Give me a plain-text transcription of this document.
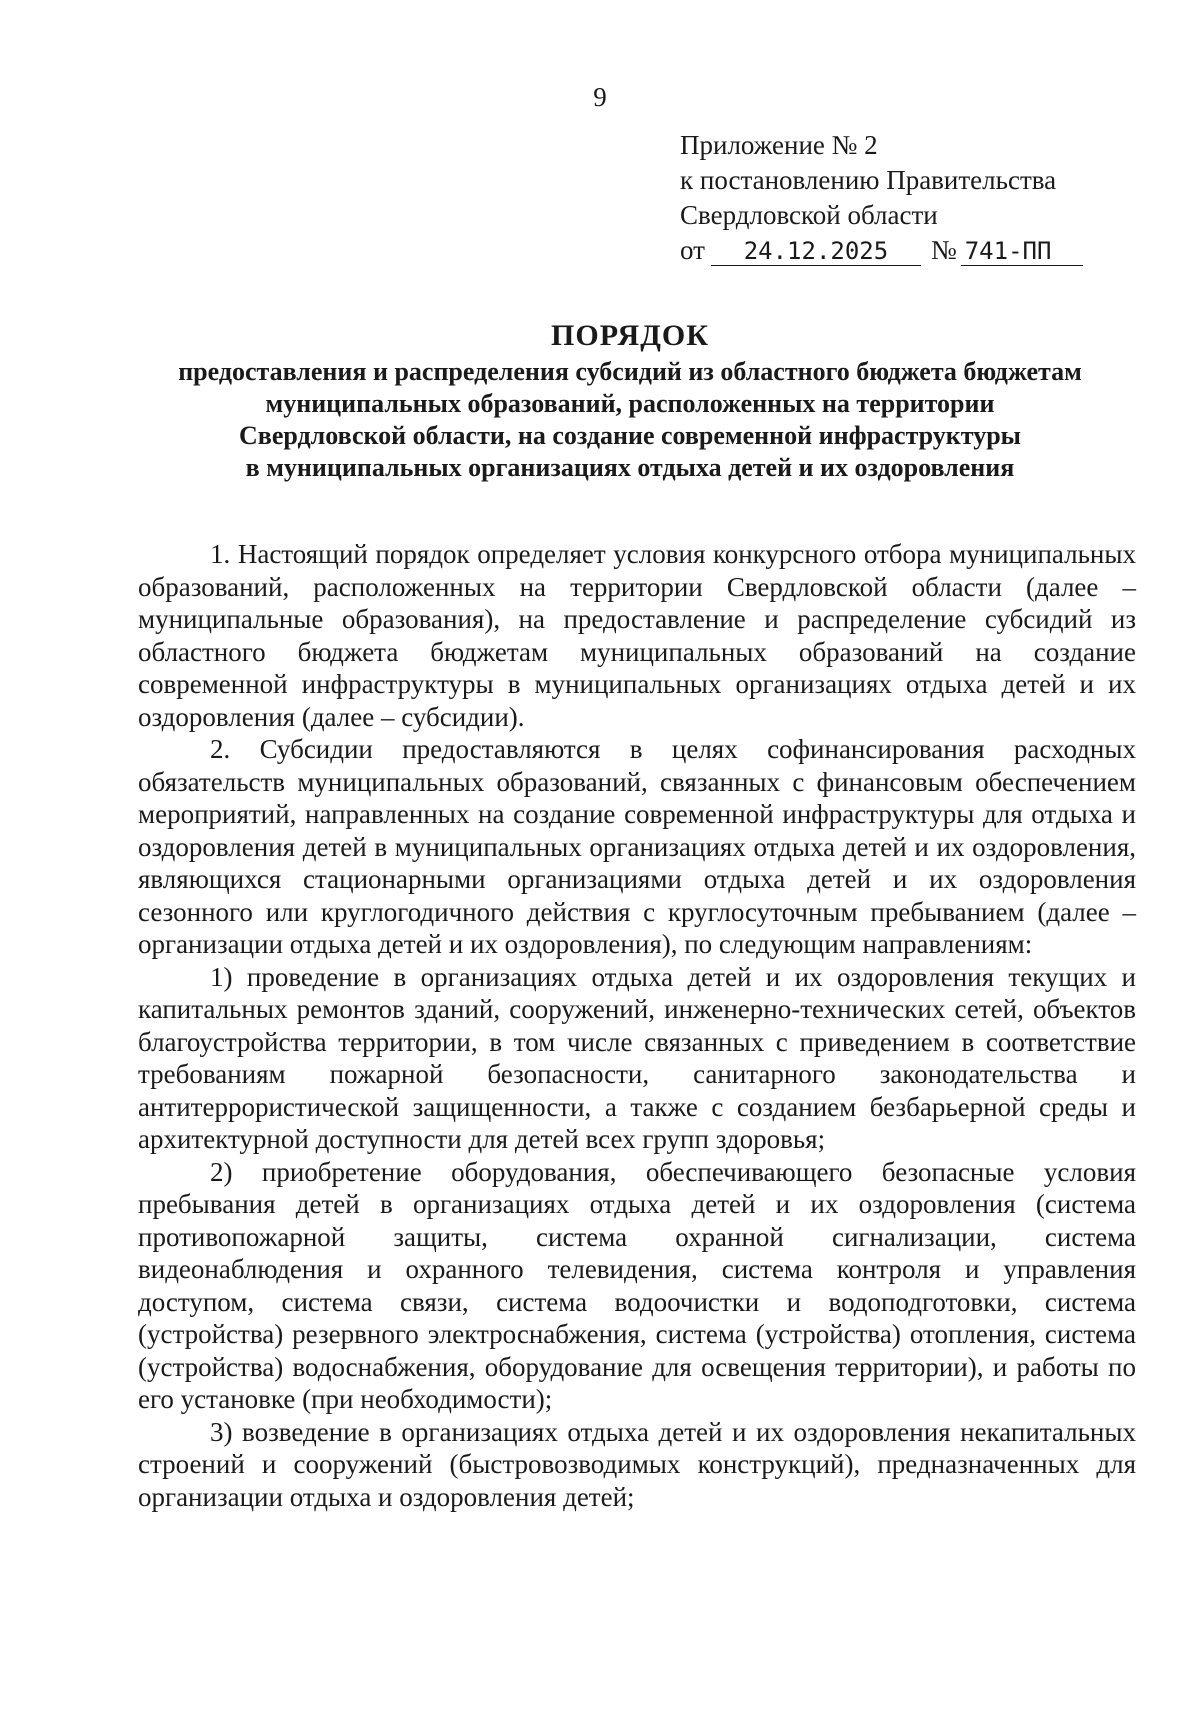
9
Приложение № 2
к постановлению Правительства
Свердловской области
от 24.12.2025 № 741-ПП
ПОРЯДОК
предоставления и распределения субсидий из областного бюджета бюджетам
муниципальных образований, расположенных на территории
Свердловской области, на создание современной инфраструктуры
в муниципальных организациях отдыха детей и их оздоровления

1. Настоящий порядок определяет условия конкурсного отбора муниципальных образований, расположенных на территории Свердловской области (далее – муниципальные образования), на предоставление и распределение субсидий из областного бюджета бюджетам муниципальных образований на создание современной инфраструктуры в муниципальных организациях отдыха детей и их оздоровления (далее – субсидии).

2. Субсидии предоставляются в целях софинансирования расходных обязательств муниципальных образований, связанных с финансовым обеспечением мероприятий, направленных на создание современной инфраструктуры для отдыха и оздоровления детей в муниципальных организациях отдыха детей и их оздоровления, являющихся стационарными организациями отдыха детей и их оздоровления сезонного или круглогодичного действия с круглосуточным пребыванием (далее – организации отдыха детей и их оздоровления), по следующим направлениям:

1) проведение в организациях отдыха детей и их оздоровления текущих и капитальных ремонтов зданий, сооружений, инженерно-технических сетей, объектов благоустройства территории, в том числе связанных с приведением в соответствие требованиям пожарной безопасности, санитарного законодательства и антитеррористической защищенности, а также с созданием безбарьерной среды и архитектурной доступности для детей всех групп здоровья;

2) приобретение оборудования, обеспечивающего безопасные условия пребывания детей в организациях отдыха детей и их оздоровления (система противопожарной защиты, система охранной сигнализации, система видеонаблюдения и охранного телевидения, система контроля и управления доступом, система связи, система водоочистки и водоподготовки, система (устройства) резервного электроснабжения, система (устройства) отопления, система (устройства) водоснабжения, оборудование для освещения территории), и работы по его установке (при необходимости);

3) возведение в организациях отдыха детей и их оздоровления некапитальных строений и сооружений (быстровозводимых конструкций), предназначенных для организации отдыха и оздоровления детей;
